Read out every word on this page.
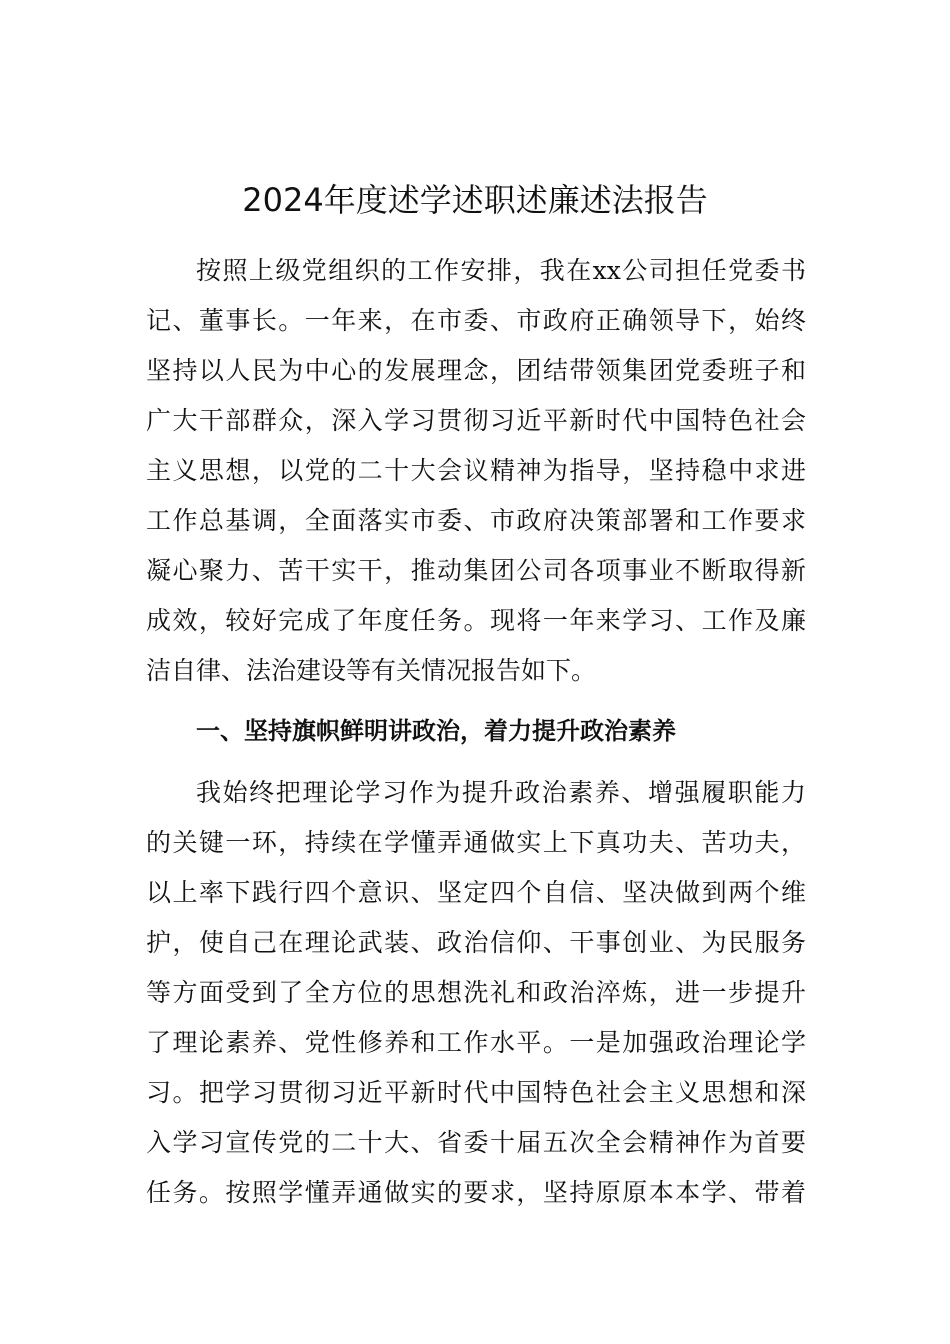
2024年度述学述职述廉述法报告
按照上级党组织的工作安排，我在xx公司担任党委书
记、董事长。一年来，在市委、市政府正确领导下，始终
坚持以人民为中心的发展理念，团结带领集团党委班子和
广大干部群众，深入学习贯彻习近平新时代中国特色社会
主义思想，以党的二十大会议精神为指导，坚持稳中求进
工作总基调，全面落实市委、市政府决策部署和工作要求
凝心聚力、苦干实干，推动集团公司各项事业不断取得新
成效，较好完成了年度任务。现将一年来学习、工作及廉
洁自律、法治建设等有关情况报告如下。
一、坚持旗帜鲜明讲政治，着力提升政治素养
我始终把理论学习作为提升政治素养、增强履职能力
的关键一环，持续在学懂弄通做实上下真功夫、苦功夫，
以上率下践行四个意识、坚定四个自信、坚决做到两个维
护，使自己在理论武装、政治信仰、干事创业、为民服务
等方面受到了全方位的思想洗礼和政治淬炼，进一步提升
了理论素养、党性修养和工作水平。一是加强政治理论学
习。把学习贯彻习近平新时代中国特色社会主义思想和深
入学习宣传党的二十大、省委十届五次全会精神作为首要
任务。按照学懂弄通做实的要求，坚持原原本本学、带着
